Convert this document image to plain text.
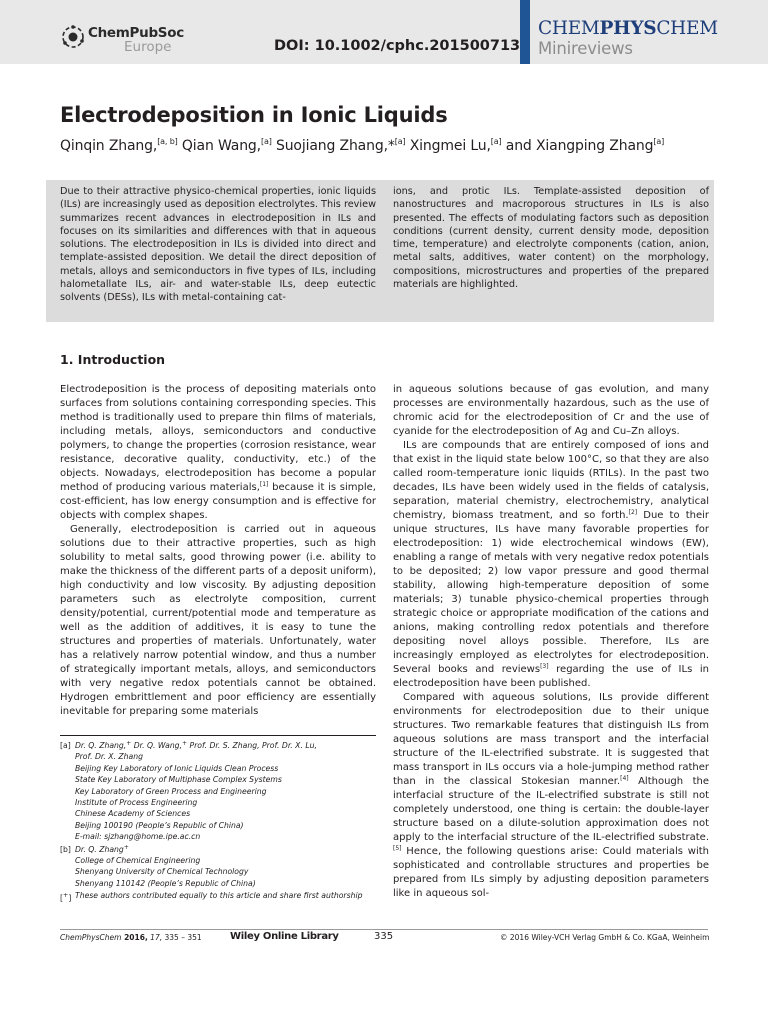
ChemPubSoc
Europe	DOI: 10.1002/cphc.201500713
CHEMPHYSCHEM
Minireviews
Electrodeposition in Ionic Liquids
Qinqin Zhang,[a, b] Qian Wang,[a] Suojiang Zhang,*[a] Xingmei Lu,[a] and Xiangping Zhang[a]
Due to their attractive physico-chemical properties, ionic liquids (ILs) are increasingly used as deposition electrolytes. This review summarizes recent advances in electrodeposition in ILs and focuses on its similarities and differences with that in aqueous solutions. The electrodeposition in ILs is divided into direct and template-assisted deposition. We detail the direct deposition of metals, alloys and semiconductors in five types of ILs, including halometallate ILs, air- and water-stable ILs, deep eutectic solvents (DESs), ILs with metal-containing cat-
ions, and protic ILs. Template-assisted deposition of nanostructures and macroporous structures in ILs is also presented. The effects of modulating factors such as deposition conditions (current density, current density mode, deposition time, temperature) and electrolyte components (cation, anion, metal salts, additives, water content) on the morphology, compositions, microstructures and properties of the prepared materials are highlighted.
1. Introduction

Electrodeposition is the process of depositing materials onto surfaces from solutions containing corresponding species. This method is traditionally used to prepare thin films of materials, including metals, alloys, semiconductors and conductive polymers, to change the properties (corrosion resistance, wear resistance, decorative quality, conductivity, etc.) of the objects. Nowadays, electrodeposition has become a popular method of producing various materials,[1] because it is simple, cost-efficient, has low energy consumption and is effective for objects with complex shapes.

Generally, electrodeposition is carried out in aqueous solutions due to their attractive properties, such as high solubility to metal salts, good throwing power (i.e. ability to make the thickness of the different parts of a deposit uniform), high conductivity and low viscosity. By adjusting deposition parameters such as electrolyte composition, current density/potential, current/potential mode and temperature as well as the addition of additives, it is easy to tune the structures and properties of materials. Unfortunately, water has a relatively narrow potential window, and thus a number of strategically important metals, alloys, and semiconductors with very negative redox potentials cannot be obtained. Hydrogen embrittlement and poor efficiency are essentially inevitable for preparing some materials

in aqueous solutions because of gas evolution, and many processes are environmentally hazardous, such as the use of chromic acid for the electrodeposition of Cr and the use of cyanide for the electrodeposition of Ag and Cu–Zn alloys.

ILs are compounds that are entirely composed of ions and that exist in the liquid state below 100°C, so that they are also called room-temperature ionic liquids (RTILs). In the past two decades, ILs have been widely used in the fields of catalysis, separation, material chemistry, electrochemistry, analytical chemistry, biomass treatment, and so forth.[2] Due to their unique structures, ILs have many favorable properties for electrodeposition: 1) wide electrochemical windows (EW), enabling a range of metals with very negative redox potentials to be deposited; 2) low vapor pressure and good thermal stability, allowing high-temperature deposition of some materials; 3) tunable physico-chemical properties through strategic choice or appropriate modification of the cations and anions, making controlling redox potentials and therefore depositing novel alloys possible. Therefore, ILs are increasingly employed as electrolytes for electrodeposition. Several books and reviews[3] regarding the use of ILs in electrodeposition have been published.

Compared with aqueous solutions, ILs provide different environments for electrodeposition due to their unique structures. Two remarkable features that distinguish ILs from aqueous solutions are mass transport and the interfacial structure of the IL-electrified substrate. It is suggested that mass transport in ILs occurs via a hole-jumping method rather than in the classical Stokesian manner.[4] Although the interfacial structure of the IL-electrified substrate is still not completely understood, one thing is certain: the double-layer structure based on a dilute-solution approximation does not apply to the interfacial structure of the IL-electrified substrate.[5] Hence, the following questions arise: Could materials with sophisticated and controllable structures and properties be prepared from ILs simply by adjusting deposition parameters like in aqueous sol-

[a] Dr. Q. Zhang,+ Dr. Q. Wang,+ Prof. Dr. S. Zhang, Prof. Dr. X. Lu,
Prof. Dr. X. Zhang
Beijing Key Laboratory of Ionic Liquids Clean Process
State Key Laboratory of Multiphase Complex Systems
Key Laboratory of Green Process and Engineering
Institute of Process Engineering
Chinese Academy of Sciences
Beijing 100190 (People’s Republic of China)
E-mail: sjzhang@home.ipe.ac.cn
[b] Dr. Q. Zhang+
College of Chemical Engineering
Shenyang University of Chemical Technology
Shenyang 110142 (People’s Republic of China)
[+] These authors contributed equally to this article and share first authorship
ChemPhysChem 2016, 17, 335 – 351	Wiley Online Library	335	© 2016 Wiley-VCH Verlag GmbH & Co. KGaA, Weinheim
